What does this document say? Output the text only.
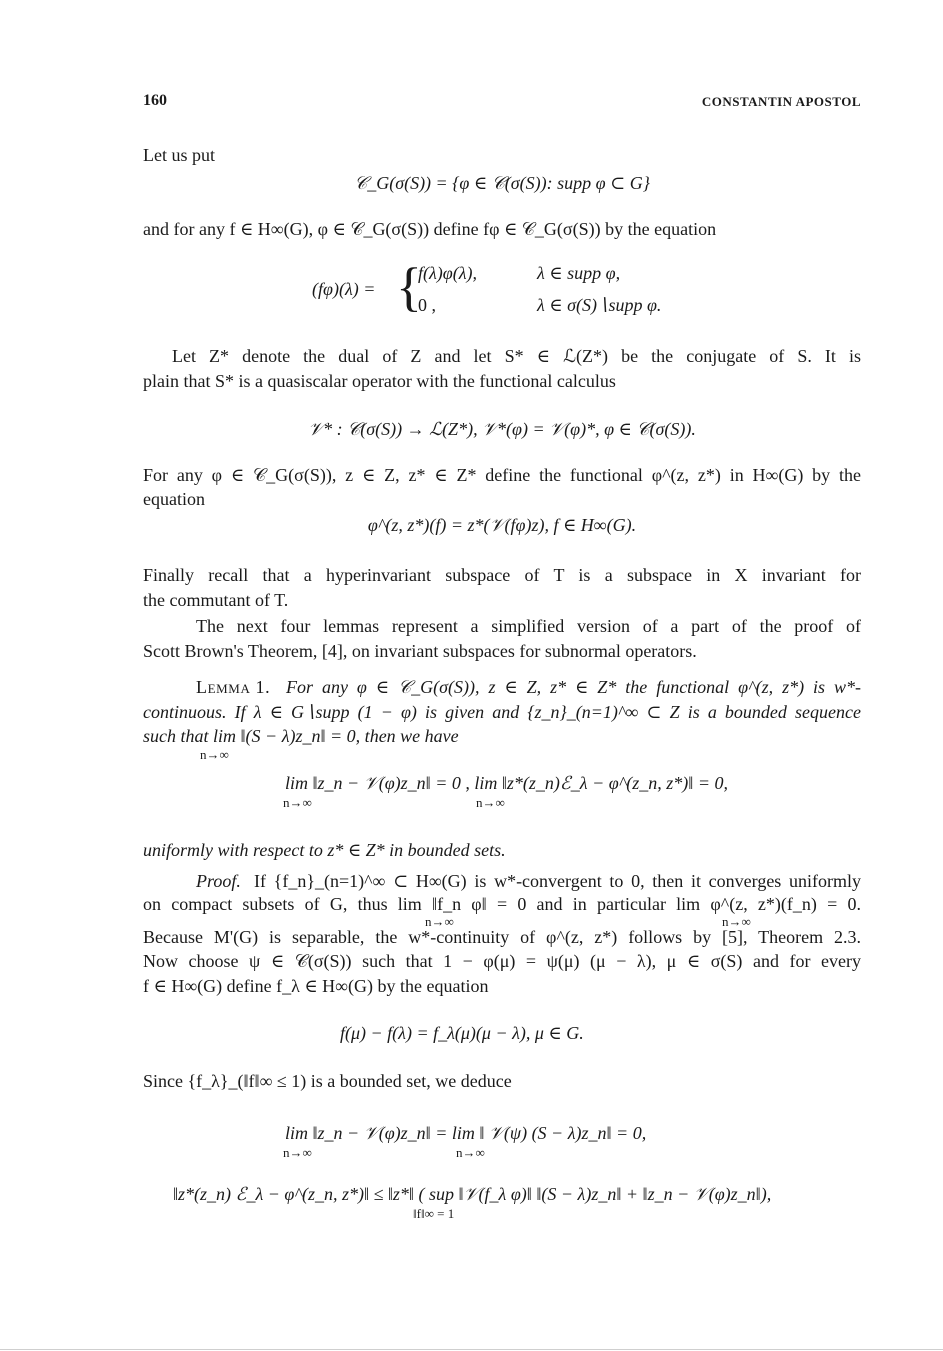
160	CONSTANTIN APOSTOL
Let us put
𝒞_G(σ(S)) = {φ ∈ 𝒞(σ(S)): supp φ ⊂ G}
and for any f ∈ H∞(G), φ ∈ 𝒞_G(σ(S)) define fφ ∈ 𝒞_G(σ(S)) by the equation
(fφ)(λ) = {
f(λ)φ(λ),	λ ∈ supp φ,
0 ,	λ ∈ σ(S)∖supp φ.
Let Z* denote the dual of Z and let S* ∈ ℒ(Z*) be the conjugate of S. It is
plain that S* is a quasiscalar operator with the functional calculus
𝒱* : 𝒞(σ(S)) → ℒ(Z*), 𝒱*(φ) = 𝒱(φ)*, φ ∈ 𝒞(σ(S)).
For any φ ∈ 𝒞_G(σ(S)), z ∈ Z, z* ∈ Z* define the functional φ^(z, z*) in H∞(G) by the
equation
φ^(z, z*)(f) = z*(𝒱(fφ)z), f ∈ H∞(G).
Finally recall that a hyperinvariant subspace of T is a subspace in X invariant for
the commutant of T.
The next four lemmas represent a simplified version of a part of the proof of
Scott Brown's Theorem, [4], on invariant subspaces for subnormal operators.
Lemma 1. For any φ ∈ 𝒞_G(σ(S)), z ∈ Z, z* ∈ Z* the functional φ^(z, z*) is w*-
continuous. If λ ∈ G∖supp (1 − φ) is given and {z_n}_(n=1)^∞ ⊂ Z is a bounded sequence
such that lim ‖(S − λ)z_n‖ = 0, then we have
n→∞
lim ‖z_n − 𝒱(φ)z_n‖ = 0 , lim ‖z*(z_n)ℰ_λ − φ^(z_n, z*)‖ = 0,
n→∞	n→∞
uniformly with respect to z* ∈ Z* in bounded sets.
Proof. If {f_n}_(n=1)^∞ ⊂ H∞(G) is w*-convergent to 0, then it converges uniformly
on compact subsets of G, thus lim ‖f_n φ‖ = 0 and in particular lim φ^(z, z*)(f_n) = 0.
n→∞	n→∞
Because M'(G) is separable, the w*-continuity of φ^(z, z*) follows by [5], Theorem 2.3.
Now choose ψ ∈ 𝒞(σ(S)) such that 1 − φ(μ) = ψ(μ) (μ − λ), μ ∈ σ(S) and for every
f ∈ H∞(G) define f_λ ∈ H∞(G) by the equation
f(μ) − f(λ) = f_λ(μ)(μ − λ), μ ∈ G.
Since {f_λ}_(‖f‖∞ ≤ 1) is a bounded set, we deduce
lim ‖z_n − 𝒱(φ)z_n‖ = lim ‖ 𝒱(ψ) (S − λ)z_n‖ = 0,
n→∞	n→∞
‖z*(z_n) ℰ_λ − φ^(z_n, z*)‖ ≤ ‖z*‖ ( sup ‖𝒱(f_λ φ)‖ ‖(S − λ)z_n‖ + ‖z_n − 𝒱(φ)z_n‖),
‖f‖∞ = 1
